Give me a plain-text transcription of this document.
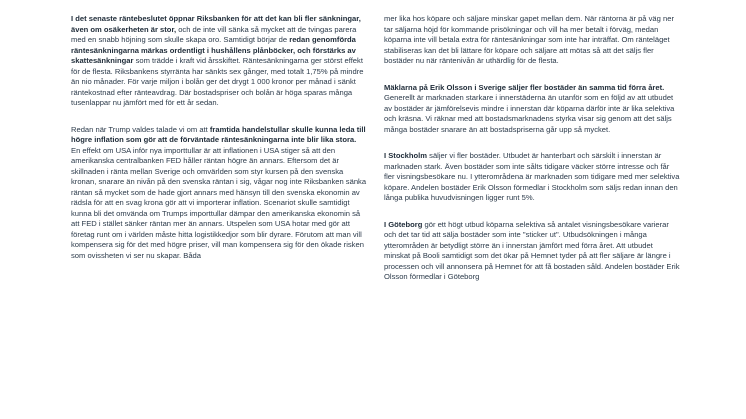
I det senaste räntebeslutet öppnar Riksbanken för att det kan bli fler sänkningar, även om osäkerheten är stor, och de inte vill sänka så mycket att de tvingas parera med en snabb höjning som skulle skapa oro. Samtidigt börjar de redan genomförda räntesänkningarna märkas ordentligt i hushållens plånböcker, och förstärks av skattesänkningar som trädde i kraft vid årsskiftet. Räntesänkningarna ger störst effekt för de flesta. Riksbankens styrränta har sänkts sex gånger, med totalt 1,75% på mindre än nio månader. För varje miljon i bolån ger det drygt 1 000 kronor per månad i sänkt räntekostnad efter ränteavdrag. Där bostadspriser och bolån är höga sparas många tusenlappar nu jämfört med för ett år sedan.

Redan när Trump valdes talade vi om att framtida handelstullar skulle kunna leda till högre inflation som gör att de förväntade räntesänkningarna inte blir lika stora. En effekt om USA inför nya importtullar är att inflationen i USA stiger så att den amerikanska centralbanken FED håller räntan högre än annars. Eftersom det är skillnaden i ränta mellan Sverige och omvärlden som styr kursen på den svenska kronan, snarare än nivån på den svenska räntan i sig, vågar nog inte Riksbanken sänka räntan så mycket som de hade gjort annars med hänsyn till den svenska ekonomin av rädsla för att en svag krona gör att vi importerar inflation. Scenariot skulle samtidigt kunna bli det omvända om Trumps importtullar dämpar den amerikanska ekonomin så att FED i stället sänker räntan mer än annars. Utspelen som USA hotar med gör att företag runt om i världen måste hitta logistikkedjor som blir dyrare. Förutom att man vill kompensera sig för det med högre priser, vill man kompensera sig för den ökade risken som ovissheten vi ser nu skapar. Båda

mer lika hos köpare och säljare minskar gapet mellan dem. När räntorna är på väg ner tar säljarna höjd för kommande prisökningar och vill ha mer betalt i förväg, medan köparna inte vill betala extra för räntesänkningar som inte har inträffat. Om ränteläget stabiliseras kan det bli lättare för köpare och säljare att mötas så att det säljs fler bostäder nu när räntenivån är uthärdlig för de flesta.

Mäklarna på Erik Olsson i Sverige säljer fler bostäder än samma tid förra året. Generellt är marknaden starkare i innerstäderna än utanför som en följd av att utbudet av bostäder är jämförelsevis mindre i innerstan där köparna därför inte är lika selektiva och kräsna. Vi räknar med att bostadsmarknadens styrka visar sig genom att det säljs många bostäder snarare än att bostadspriserna går upp så mycket.

I Stockholm säljer vi fler bostäder. Utbudet är hanterbart och särskilt i innerstan är marknaden stark. Även bostäder som inte sålts tidigare väcker större intresse och får fler visningsbesökare nu. I ytterområdena är marknaden som tidigare med mer selektiva köpare. Andelen bostäder Erik Olsson förmedlar i Stockholm som säljs redan innan den långa publika huvudvisningen ligger runt 5%.

I Göteborg gör ett högt utbud köparna selektiva så antalet visningsbesökare varierar och det tar tid att sälja bostäder som inte "sticker ut". Utbudsökningen i många ytterområden är betydligt större än i innerstan jämfört med förra året. Att utbudet minskat på Booli samtidigt som det ökar på Hemnet tyder på att fler säljare är längre i processen och vill annonsera på Hemnet för att få bostaden såld. Andelen bostäder Erik Olsson förmedlar i Göteborg
